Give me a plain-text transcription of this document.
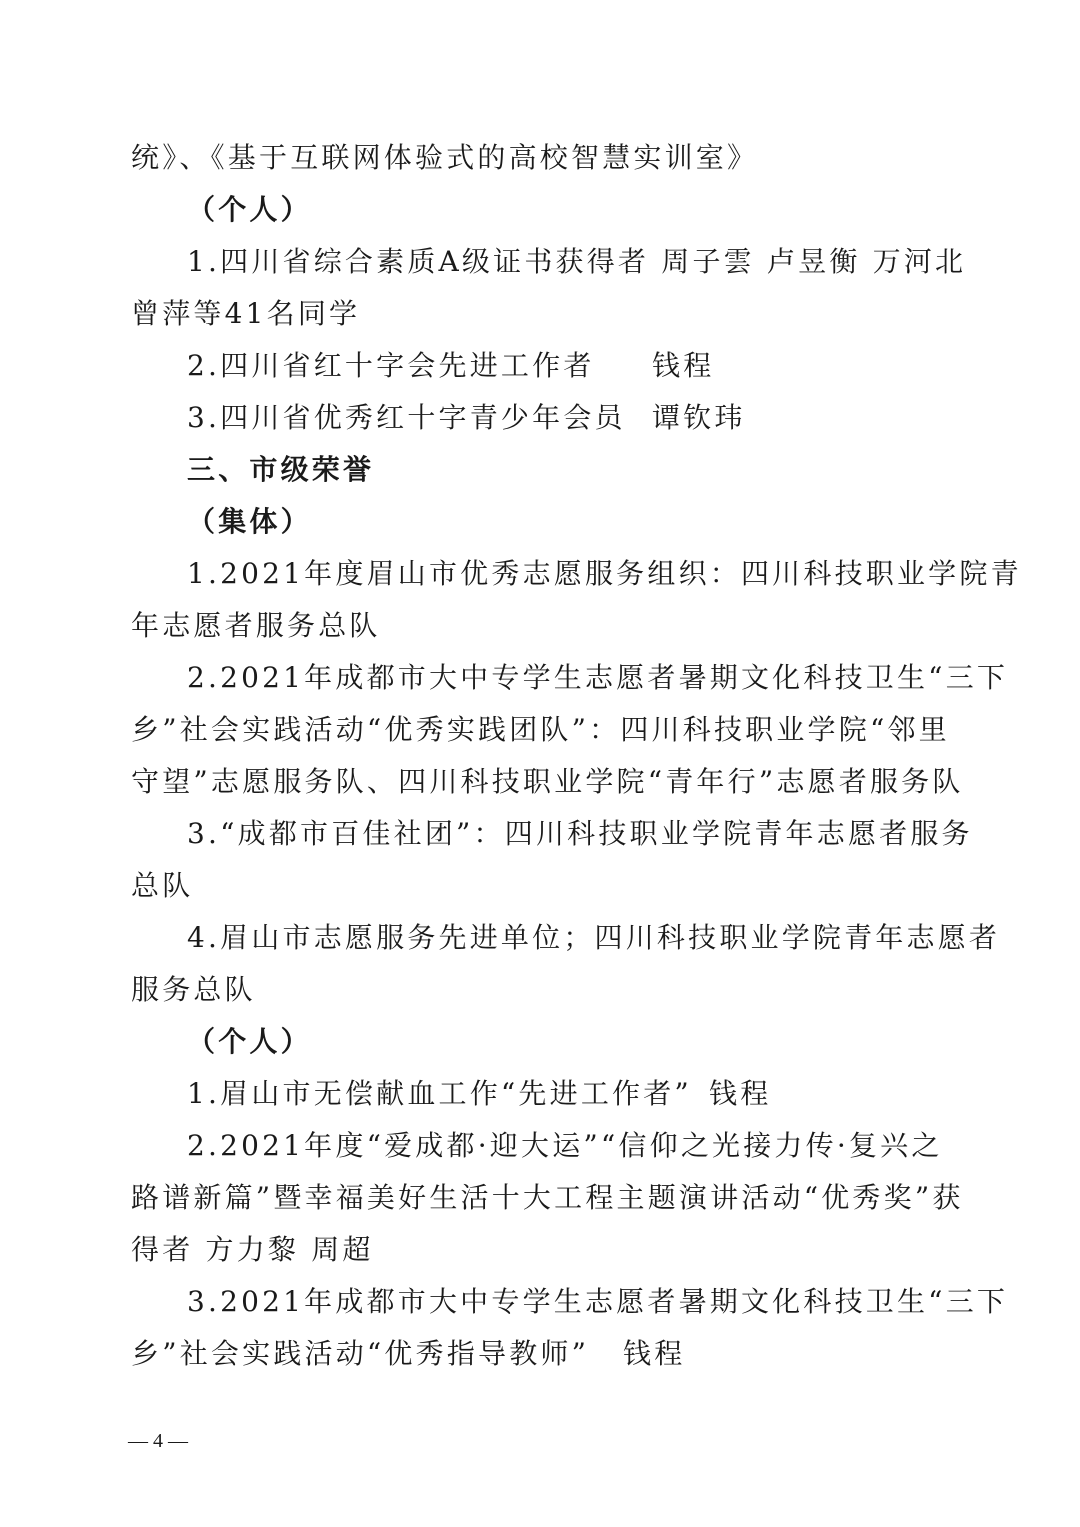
统》、《基于互联网体验式的高校智慧实训室》
（个人）
1.四川省综合素质A级证书获得者 周子雲 卢昱衡 万河北
曾萍等41名同学
2.四川省红十字会先进工作者 钱程
3.四川省优秀红十字青少年会员 谭钦玮
三、市级荣誉
（集体）
1.2021年度眉山市优秀志愿服务组织：四川科技职业学院青
年志愿者服务总队
2.2021年成都市大中专学生志愿者暑期文化科技卫生“三下
乡”社会实践活动“优秀实践团队”：四川科技职业学院“邻里
守望”志愿服务队、四川科技职业学院“青年行”志愿者服务队
3.“成都市百佳社团”：四川科技职业学院青年志愿者服务
总队
4.眉山市志愿服务先进单位；四川科技职业学院青年志愿者
服务总队
（个人）
1.眉山市无偿献血工作“先进工作者” 钱程
2.2021年度“爱成都·迎大运”“信仰之光接力传·复兴之
路谱新篇”暨幸福美好生活十大工程主题演讲活动“优秀奖”获
得者 方力黎 周超
3.2021年成都市大中专学生志愿者暑期文化科技卫生“三下
乡”社会实践活动“优秀指导教师” 钱程
— 4 —
